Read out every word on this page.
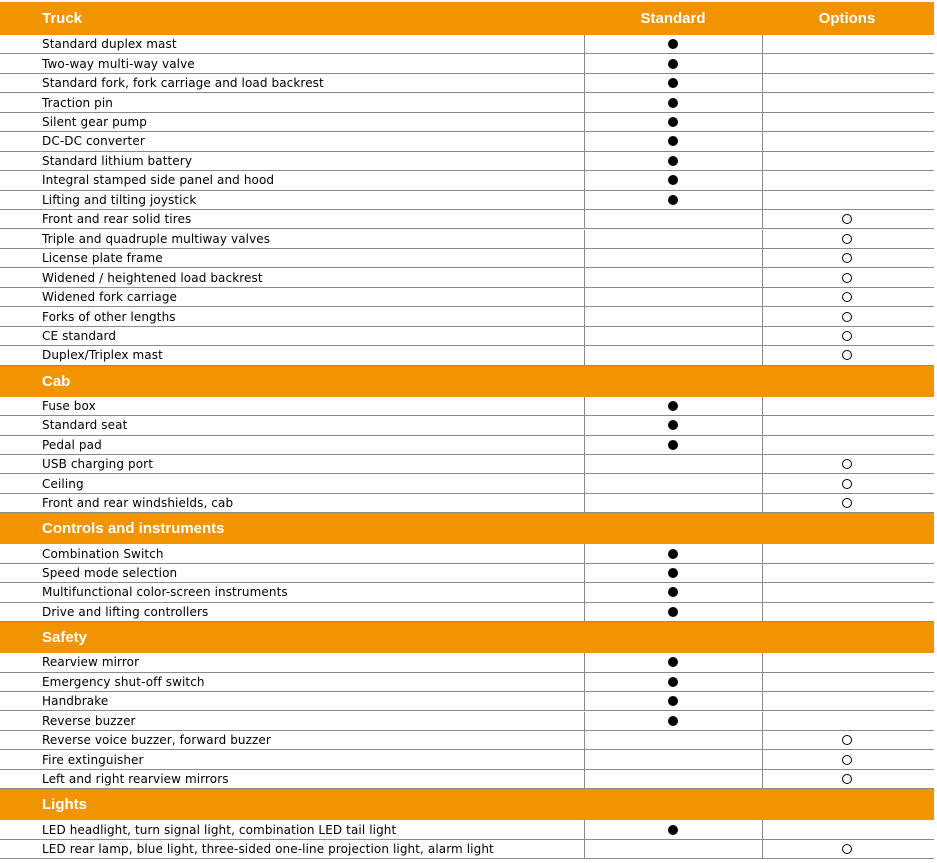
Truck	Standard	Options
Standard duplex mast
Two-way multi-way valve
Standard fork, fork carriage and load backrest
Traction pin
Silent gear pump
DC-DC converter
Standard lithium battery
Integral stamped side panel and hood
Lifting and tilting joystick
Front and rear solid tires
Triple and quadruple multiway valves
License plate frame
Widened / heightened load backrest
Widened fork carriage
Forks of other lengths
CE standard
Duplex/Triplex mast
Cab
Fuse box
Standard seat
Pedal pad
USB charging port
Ceiling
Front and rear windshields, cab
Controls and instruments
Combination Switch
Speed mode selection
Multifunctional color-screen instruments
Drive and lifting controllers
Safety
Rearview mirror
Emergency shut-off switch
Handbrake
Reverse buzzer
Reverse voice buzzer, forward buzzer
Fire extinguisher
Left and right rearview mirrors
Lights
LED headlight, turn signal light, combination LED tail light
LED rear lamp, blue light, three-sided one-line projection light, alarm light
